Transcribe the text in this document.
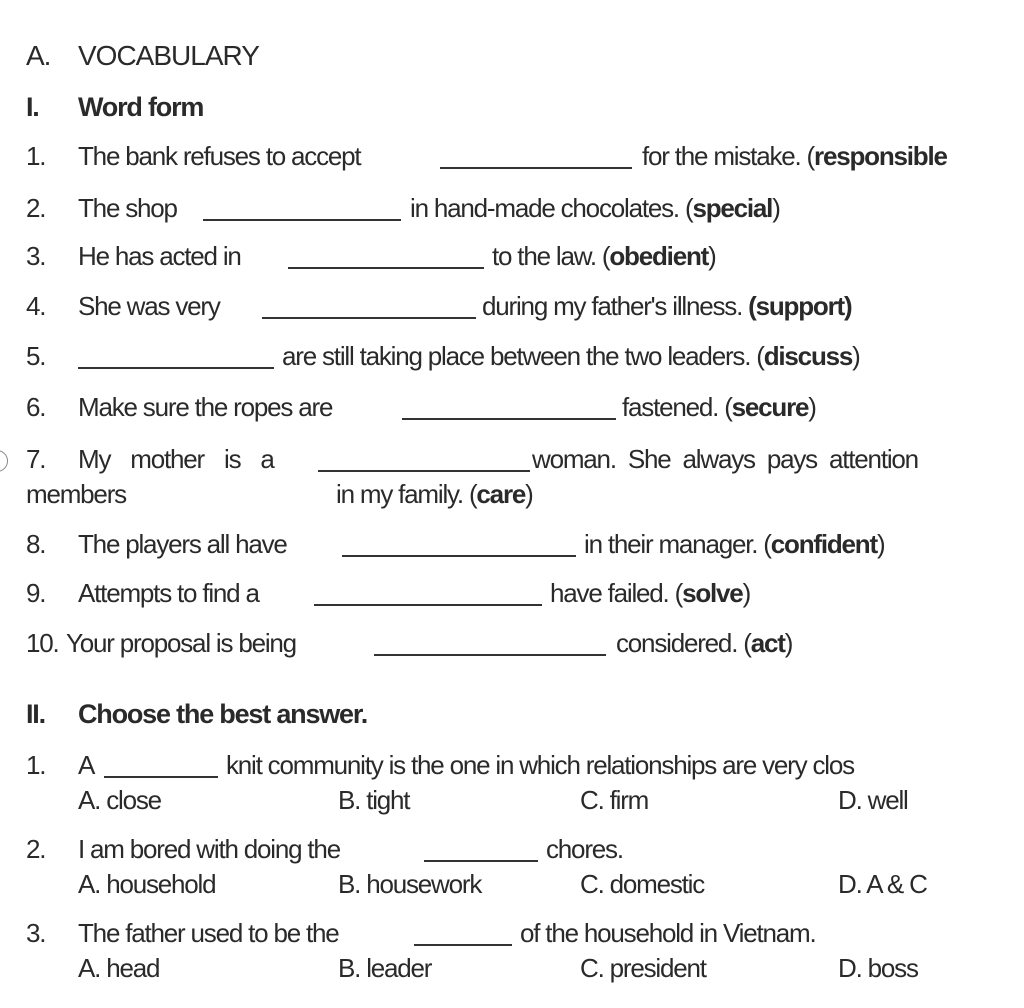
A. VOCABULARY
I. Word form
1. The bank refuses to accept	for the mistake. (responsible
2. The shop	in hand-made chocolates. (special)
3. He has acted in	to the law. (obedient)
4. She was very	during my father's illness. (support)
5.	are still taking place between the two leaders. (discuss)
6. Make sure the ropes are	fastened. (secure)
7. My mother is a	woman. She always pays attention
members	in my family. (care)
8. The players all have	in their manager. (confident)
9. Attempts to find a	have failed. (solve)
10. Your proposal is being	considered. (act)
II. Choose the best answer.
1. A	knit community is the one in which relationships are very clos
A. close	B. tight	C. firm	D. well
2. I am bored with doing the	chores.
A. household	B. housework	C. domestic	D. A & C
3. The father used to be the	of the household in Vietnam.
A. head	B. leader	C. president	D. boss
